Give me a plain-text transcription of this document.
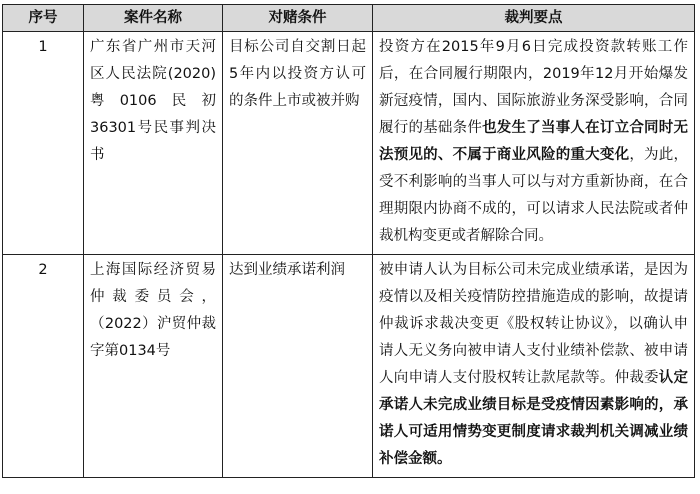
序号	案件名称	对赌条件	裁判要点
1	广东省广州市天河区人民法院(2020)粤0106民初36301号民事判决书	目标公司自交割日起5年内以投资方认可的条件上市或被并购	投资方在2015年9月6日完成投资款转账工作后，在合同履行期限内，2019年12月开始爆发新冠疫情，国内、国际旅游业务深受影响，合同履行的基础条件也发生了当事人在订立合同时无法预见的、不属于商业风险的重大变化，为此，受不利影响的当事人可以与对方重新协商，在合理期限内协商不成的，可以请求人民法院或者仲裁机构变更或者解除合同。
2	上海国际经济贸易仲裁委员会，（2022）沪贸仲裁字第0134号	达到业绩承诺利润	被申请人认为目标公司未完成业绩承诺，是因为疫情以及相关疫情防控措施造成的影响，故提请仲裁诉求裁决变更《股权转让协议》，以确认申请人无义务向被申请人支付业绩补偿款、被申请人向申请人支付股权转让款尾款等。仲裁委认定承诺人未完成业绩目标是受疫情因素影响的，承诺人可适用情势变更制度请求裁判机关调减业绩补偿金额。
